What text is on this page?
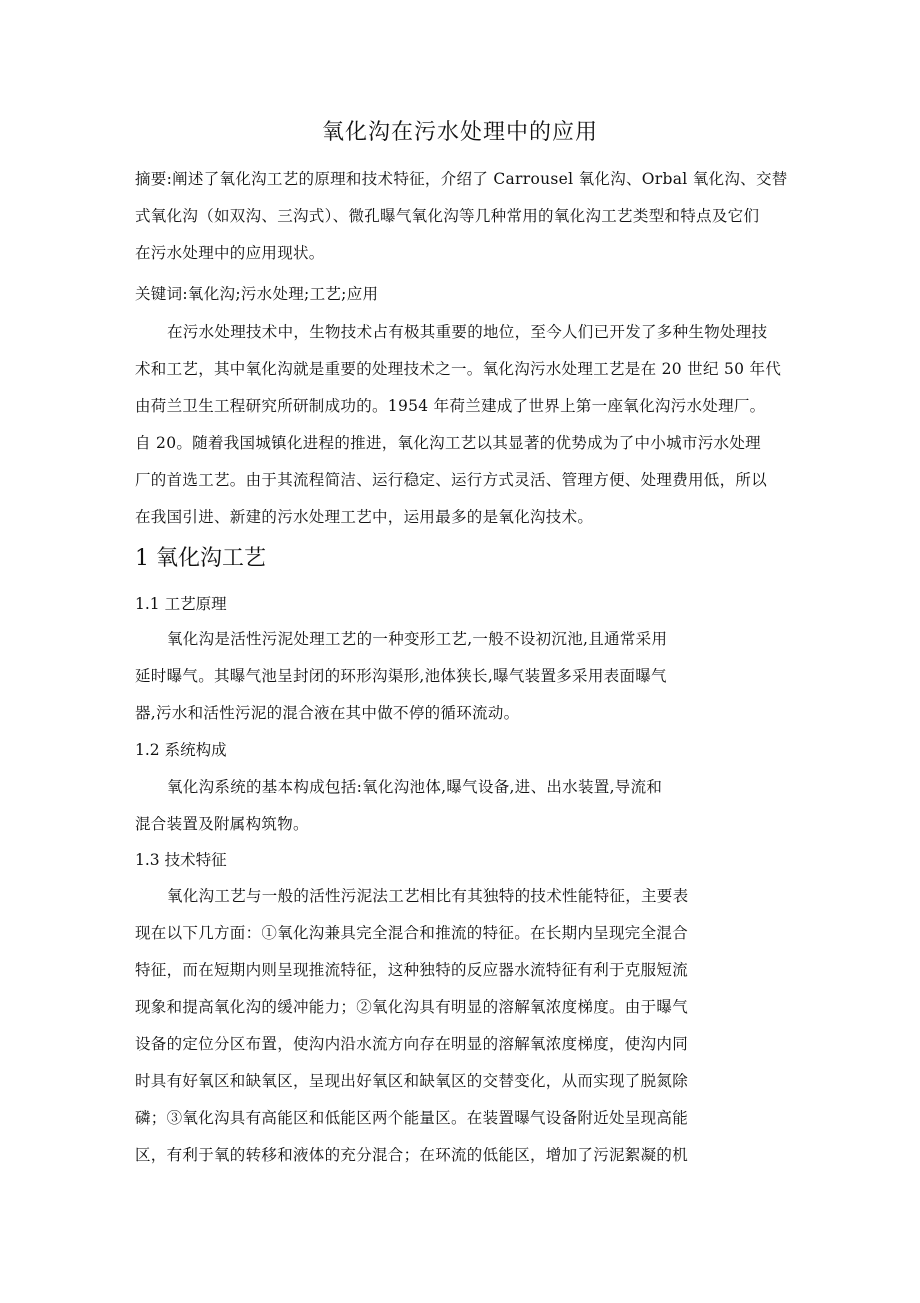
氧化沟在污水处理中的应用
摘要:阐述了氧化沟工艺的原理和技术特征，介绍了 Carrousel 氧化沟、Orbal 氧化沟、交替
式氧化沟（如双沟、三沟式）、微孔曝气氧化沟等几种常用的氧化沟工艺类型和特点及它们
在污水处理中的应用现状。
关键词:氧化沟;污水处理;工艺;应用
在污水处理技术中，生物技术占有极其重要的地位，至今人们已开发了多种生物处理技
术和工艺，其中氧化沟就是重要的处理技术之一。氧化沟污水处理工艺是在 20 世纪 50 年代
由荷兰卫生工程研究所研制成功的。1954 年荷兰建成了世界上第一座氧化沟污水处理厂。
自 20。随着我国城镇化进程的推进，氧化沟工艺以其显著的优势成为了中小城市污水处理
厂的首选工艺。由于其流程简洁、运行稳定、运行方式灵活、管理方便、处理费用低，所以
在我国引进、新建的污水处理工艺中，运用最多的是氧化沟技术。
1 氧化沟工艺
1.1 工艺原理
氧化沟是活性污泥处理工艺的一种变形工艺,一般不设初沉池,且通常采用
延时曝气。其曝气池呈封闭的环形沟渠形,池体狭长,曝气装置多采用表面曝气
器,污水和活性污泥的混合液在其中做不停的循环流动。
1.2 系统构成
氧化沟系统的基本构成包括:氧化沟池体,曝气设备,进、出水装置,导流和
混合装置及附属构筑物。
1.3 技术特征
氧化沟工艺与一般的活性污泥法工艺相比有其独特的技术性能特征，主要表
现在以下几方面：①氧化沟兼具完全混合和推流的特征。在长期内呈现完全混合
特征，而在短期内则呈现推流特征，这种独特的反应器水流特征有利于克服短流
现象和提高氧化沟的缓冲能力；②氧化沟具有明显的溶解氧浓度梯度。由于曝气
设备的定位分区布置，使沟内沿水流方向存在明显的溶解氧浓度梯度，使沟内同
时具有好氧区和缺氧区，呈现出好氧区和缺氧区的交替变化，从而实现了脱氮除
磷；③氧化沟具有高能区和低能区两个能量区。在装置曝气设备附近处呈现高能
区，有利于氧的转移和液体的充分混合；在环流的低能区，增加了污泥絮凝的机
